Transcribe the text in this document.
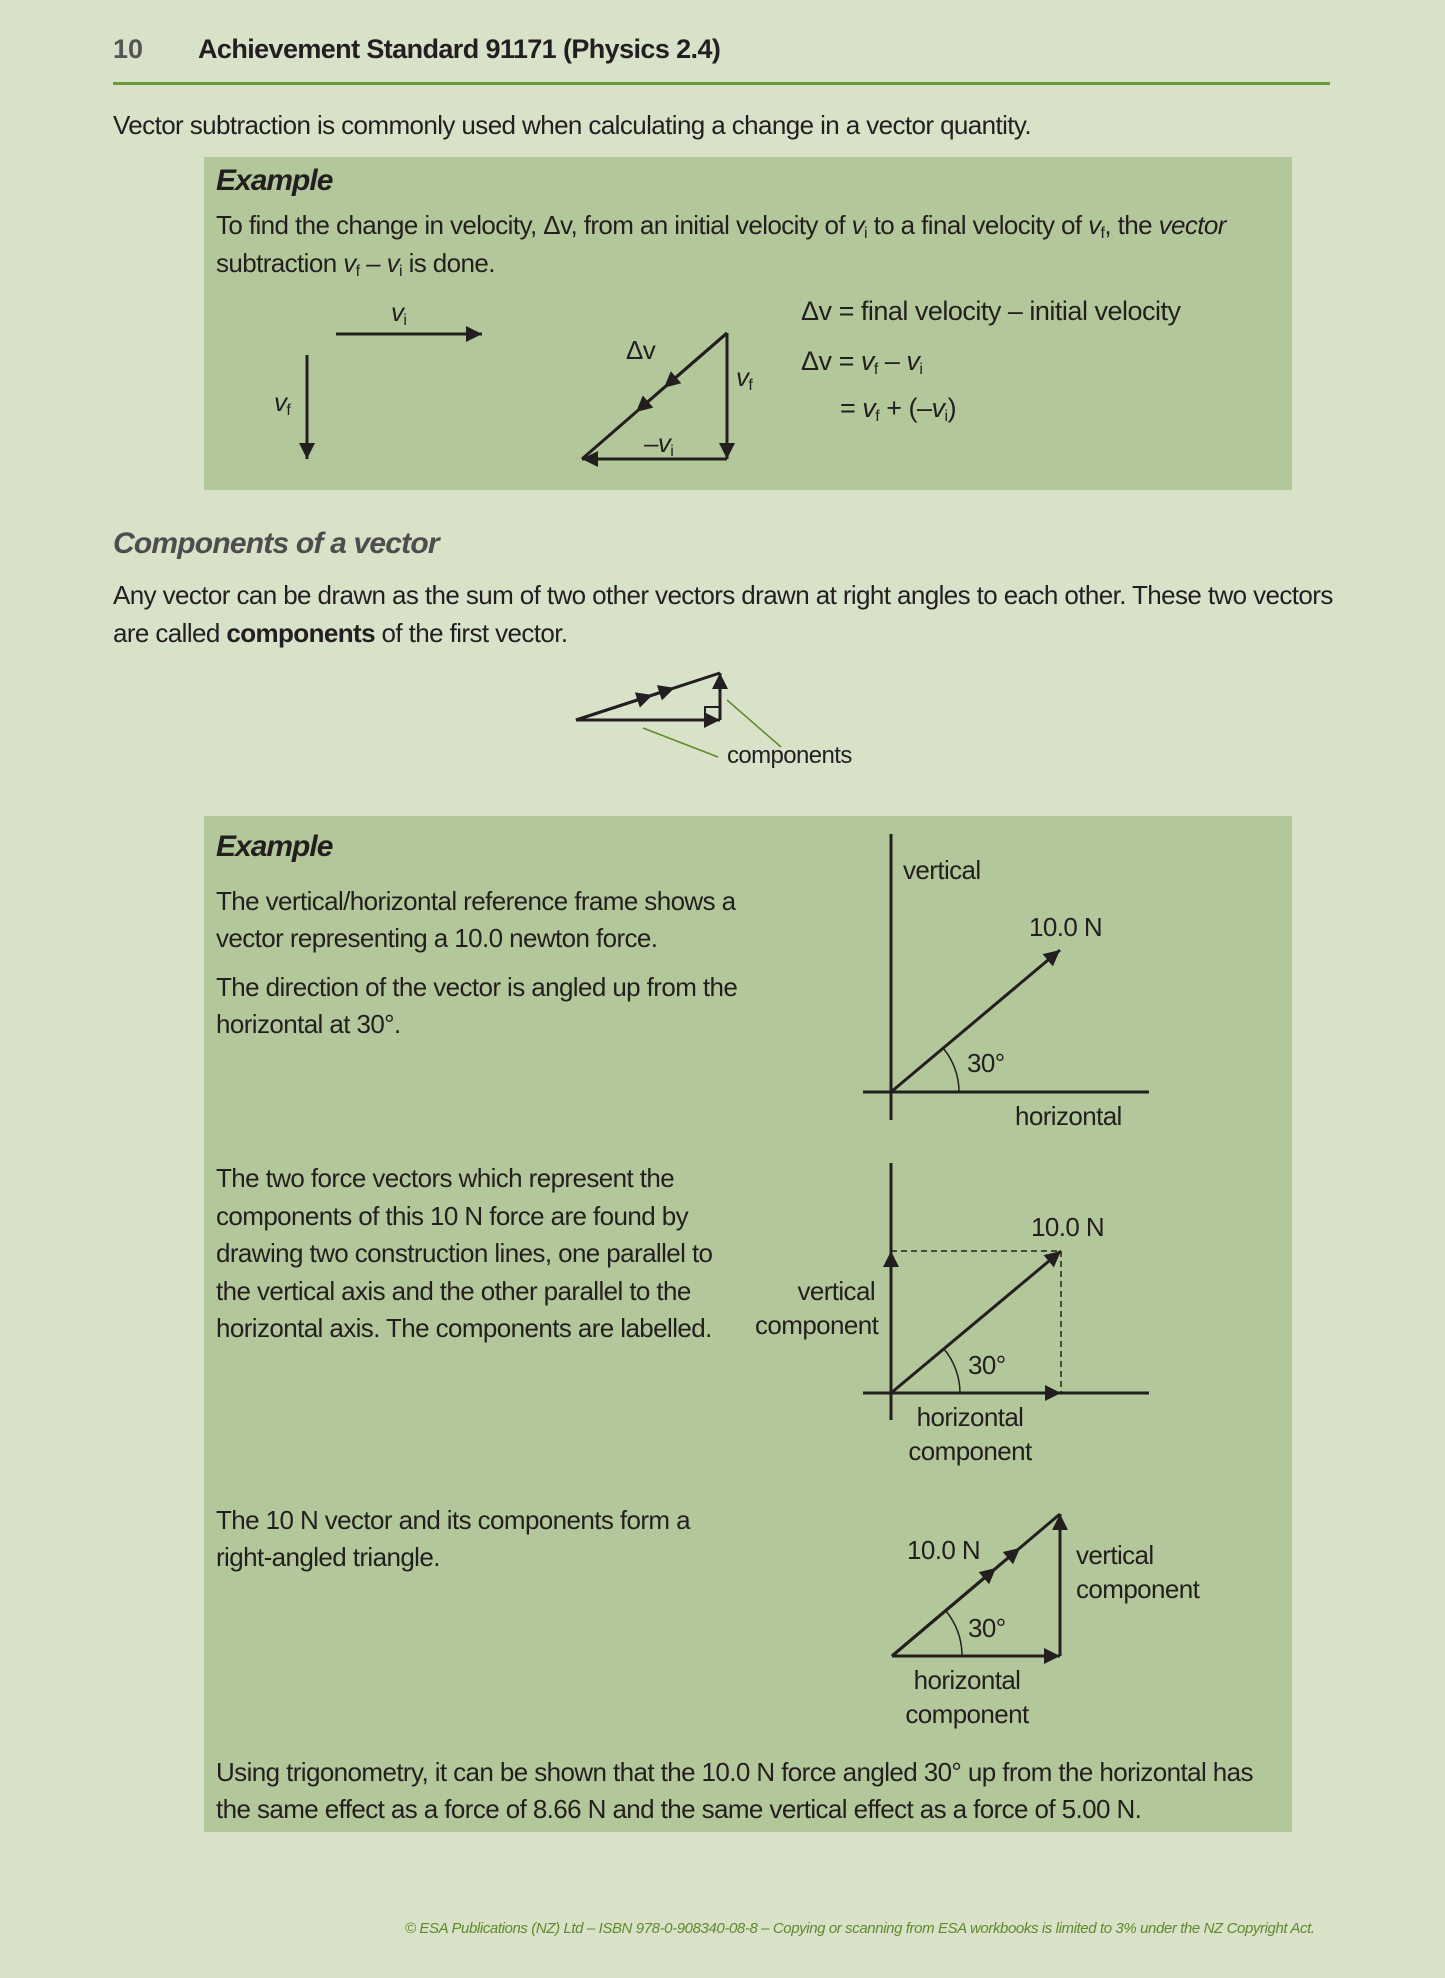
10 Achievement Standard 91171 (Physics 2.4)
Vector subtraction is commonly used when calculating a change in a vector quantity.
Example
To find the change in velocity, Δv, from an initial velocity of $v_i$ to a final velocity of $v_f$, the vector
subtraction $v_f - v_i$ is done.
$v_i$
$v_f$
Δv
$v_f$
$-v_i$
Δv = final velocity – initial velocity
$\Delta v = v_f - v_i$
= $v_f + (-v_i)$
Components of a vector
Any vector can be drawn as the sum of two other vectors drawn at right angles to each other. These two vectors
are called components of the first vector.
components
Example
The vertical/horizontal reference frame shows a
vector representing a 10.0 newton force.
The direction of the vector is angled up from the
horizontal at 30°.
The two force vectors which represent the
components of this 10 N force are found by
drawing two construction lines, one parallel to
the vertical axis and the other parallel to the
horizontal axis. The components are labelled.
The 10 N vector and its components form a
right-angled triangle.
Using trigonometry, it can be shown that the 10.0 N force angled 30° up from the horizontal has
the same effect as a force of 8.66 N and the same vertical effect as a force of 5.00 N.
vertical
10.0 N
30°
horizontal
10.0 N
vertical
component
30°
horizontal
component
10.0 N	vertical
component
30°
horizontal
component
© ESA Publications (NZ) Ltd – ISBN 978-0-908340-08-8 – Copying or scanning from ESA workbooks is limited to 3% under the NZ Copyright Act.
